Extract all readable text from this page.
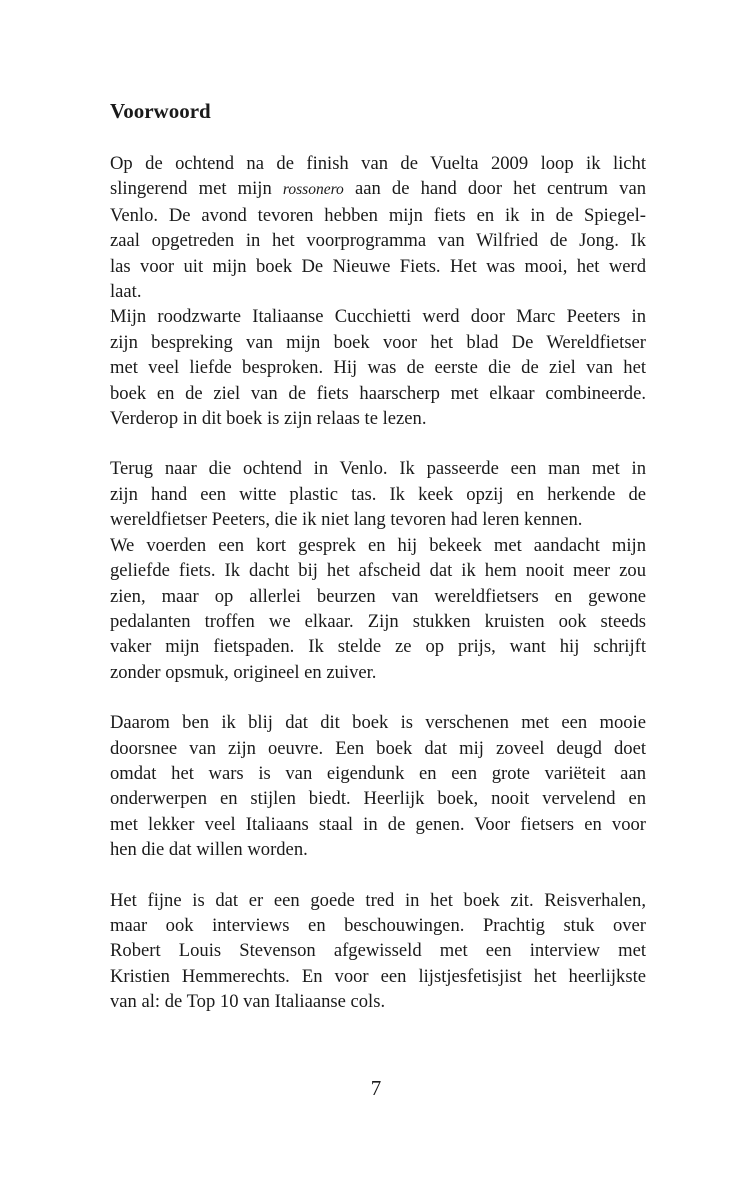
Voorwoord
Op de ochtend na de finish van de Vuelta 2009 loop ik licht
slingerend met mijn rossonero aan de hand door het centrum van
Venlo. De avond tevoren hebben mijn fiets en ik in de Spiegel-
zaal opgetreden in het voorprogramma van Wilfried de Jong. Ik
las voor uit mijn boek De Nieuwe Fiets. Het was mooi, het werd
laat.
Mijn roodzwarte Italiaanse Cucchietti werd door Marc Peeters in
zijn bespreking van mijn boek voor het blad De Wereldfietser
met veel liefde besproken. Hij was de eerste die de ziel van het
boek en de ziel van de fiets haarscherp met elkaar combineerde.
Verderop in dit boek is zijn relaas te lezen.
Terug naar die ochtend in Venlo. Ik passeerde een man met in
zijn hand een witte plastic tas. Ik keek opzij en herkende de
wereldfietser Peeters, die ik niet lang tevoren had leren kennen.
We voerden een kort gesprek en hij bekeek met aandacht mijn
geliefde fiets. Ik dacht bij het afscheid dat ik hem nooit meer zou
zien, maar op allerlei beurzen van wereldfietsers en gewone
pedalanten troffen we elkaar. Zijn stukken kruisten ook steeds
vaker mijn fietspaden. Ik stelde ze op prijs, want hij schrijft
zonder opsmuk, origineel en zuiver.
Daarom ben ik blij dat dit boek is verschenen met een mooie
doorsnee van zijn oeuvre. Een boek dat mij zoveel deugd doet
omdat het wars is van eigendunk en een grote variëteit aan
onderwerpen en stijlen biedt. Heerlijk boek, nooit vervelend en
met lekker veel Italiaans staal in de genen. Voor fietsers en voor
hen die dat willen worden.
Het fijne is dat er een goede tred in het boek zit. Reisverhalen,
maar ook interviews en beschouwingen. Prachtig stuk over
Robert Louis Stevenson afgewisseld met een interview met
Kristien Hemmerechts. En voor een lijstjesfetisjist het heerlijkste
van al: de Top 10 van Italiaanse cols.
7
